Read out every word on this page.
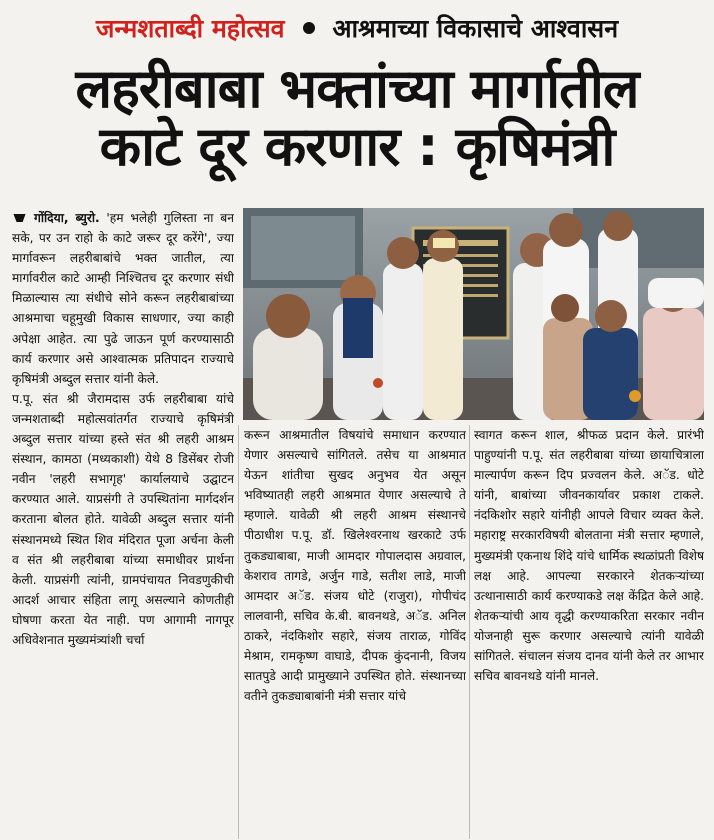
जन्मशताब्दी महोत्सव आश्रमाच्या विकासाचे आश्वासन
लहरीबाबा भक्तांच्या मार्गातील
काटे दूर करणार : कृषिमंत्री

गोंदिया, ब्युरो. 'हम भलेही गुलिस्ता ना बन सके, पर उन राहो के काटे जरूर दूर करेंगे', ज्या मार्गावरून लहरीबाबांचे भक्त जातील, त्या मार्गावरील काटे आम्ही निश्चितच दूर करणार संधी मिळाल्यास त्या संधीचे सोने करून लहरीबाबांच्या आश्रमाचा चहूमुखी विकास साधणार, ज्या काही अपेक्षा आहेत. त्या पुढे जाऊन पूर्ण करण्यासाठी कार्य करणार असे आश्वात्मक प्रतिपादन राज्याचे कृषिमंत्री अब्दुल सत्तार यांनी केले.

प.पू. संत श्री जैरामदास उर्फ लहरीबाबा यांचे जन्मशताब्दी महोत्सवांतर्गत राज्याचे कृषिमंत्री अब्दुल सत्तार यांच्या हस्ते संत श्री लहरी आश्रम संस्थान, कामठा (मध्यकाशी) येथे 8 डिसेंबर रोजी नवीन 'लहरी सभागृह' कार्यालयाचे उद्घाटन करण्यात आले. याप्रसंगी ते उपस्थितांना मार्गदर्शन करताना बोलत होते. यावेळी अब्दुल सत्तार यांनी संस्थानमध्ये स्थित शिव मंदिरात पूजा अर्चना केली व संत श्री लहरीबाबा यांच्या समाधीवर प्रार्थना केली. याप्रसंगी त्यांनी, ग्रामपंचायत निवडणुकीची आदर्श आचार संहिता लागू असल्याने कोणतीही घोषणा करता येत नाही. पण आगामी नागपूर अधिवेशनात मुख्यमंत्र्यांशी चर्चा

करून आश्रमातील विषयांचे समाधान करण्यात येणार असल्याचे सांगितले. तसेच या आश्रमात येऊन शांतीचा सुखद अनुभव येत असून भविष्यातही लहरी आश्रमात येणार असल्याचे ते म्हणाले. यावेळी श्री लहरी आश्रम संस्थानचे पीठाधीश प.पू. डॉ. खिलेश्वरनाथ खरकाटे उर्फ तुकड्याबाबा, माजी आमदार गोपालदास अग्रवाल, केशराव तागडे, अर्जुन गाडे, सतीश लाडे, माजी आमदार अॅड. संजय धोटे (राजुरा), गोपीचंद लालवानी, सचिव के.बी. बावनथडे, अॅड. अनिल ठाकरे, नंदकिशोर सहारे, संजय ताराळ, गोविंद मेश्राम, रामकृष्ण वाघाडे, दीपक कुंदनानी, विजय सातपुडे आदी प्रामुख्याने उपस्थित होते. संस्थानच्या वतीने तुकड्याबाबांनी मंत्री सत्तार यांचे

स्वागत करून शाल, श्रीफळ प्रदान केले. प्रारंभी पाहुण्यांनी प.पू. संत लहरीबाबा यांच्या छायाचित्राला माल्यार्पण करून दिप प्रज्वलन केले. अॅड. धोटे यांनी, बाबांच्या जीवनकार्यावर प्रकाश टाकले. नंदकिशोर सहारे यांनीही आपले विचार व्यक्त केले. महाराष्ट्र सरकारविषयी बोलताना मंत्री सत्तार म्हणाले, मुख्यमंत्री एकनाथ शिंदे यांचे धार्मिक स्थळांप्रती विशेष लक्ष आहे. आपल्या सरकारने शेतकऱ्यांच्या उत्थानासाठी कार्य करण्याकडे लक्ष केंद्रित केले आहे. शेतकऱ्यांची आय वृद्धी करण्याकरिता सरकार नवीन योजनाही सुरू करणार असल्याचे त्यांनी यावेळी सांगितले. संचालन संजय दानव यांनी केले तर आभार सचिव बावनथडे यांनी मानले.
